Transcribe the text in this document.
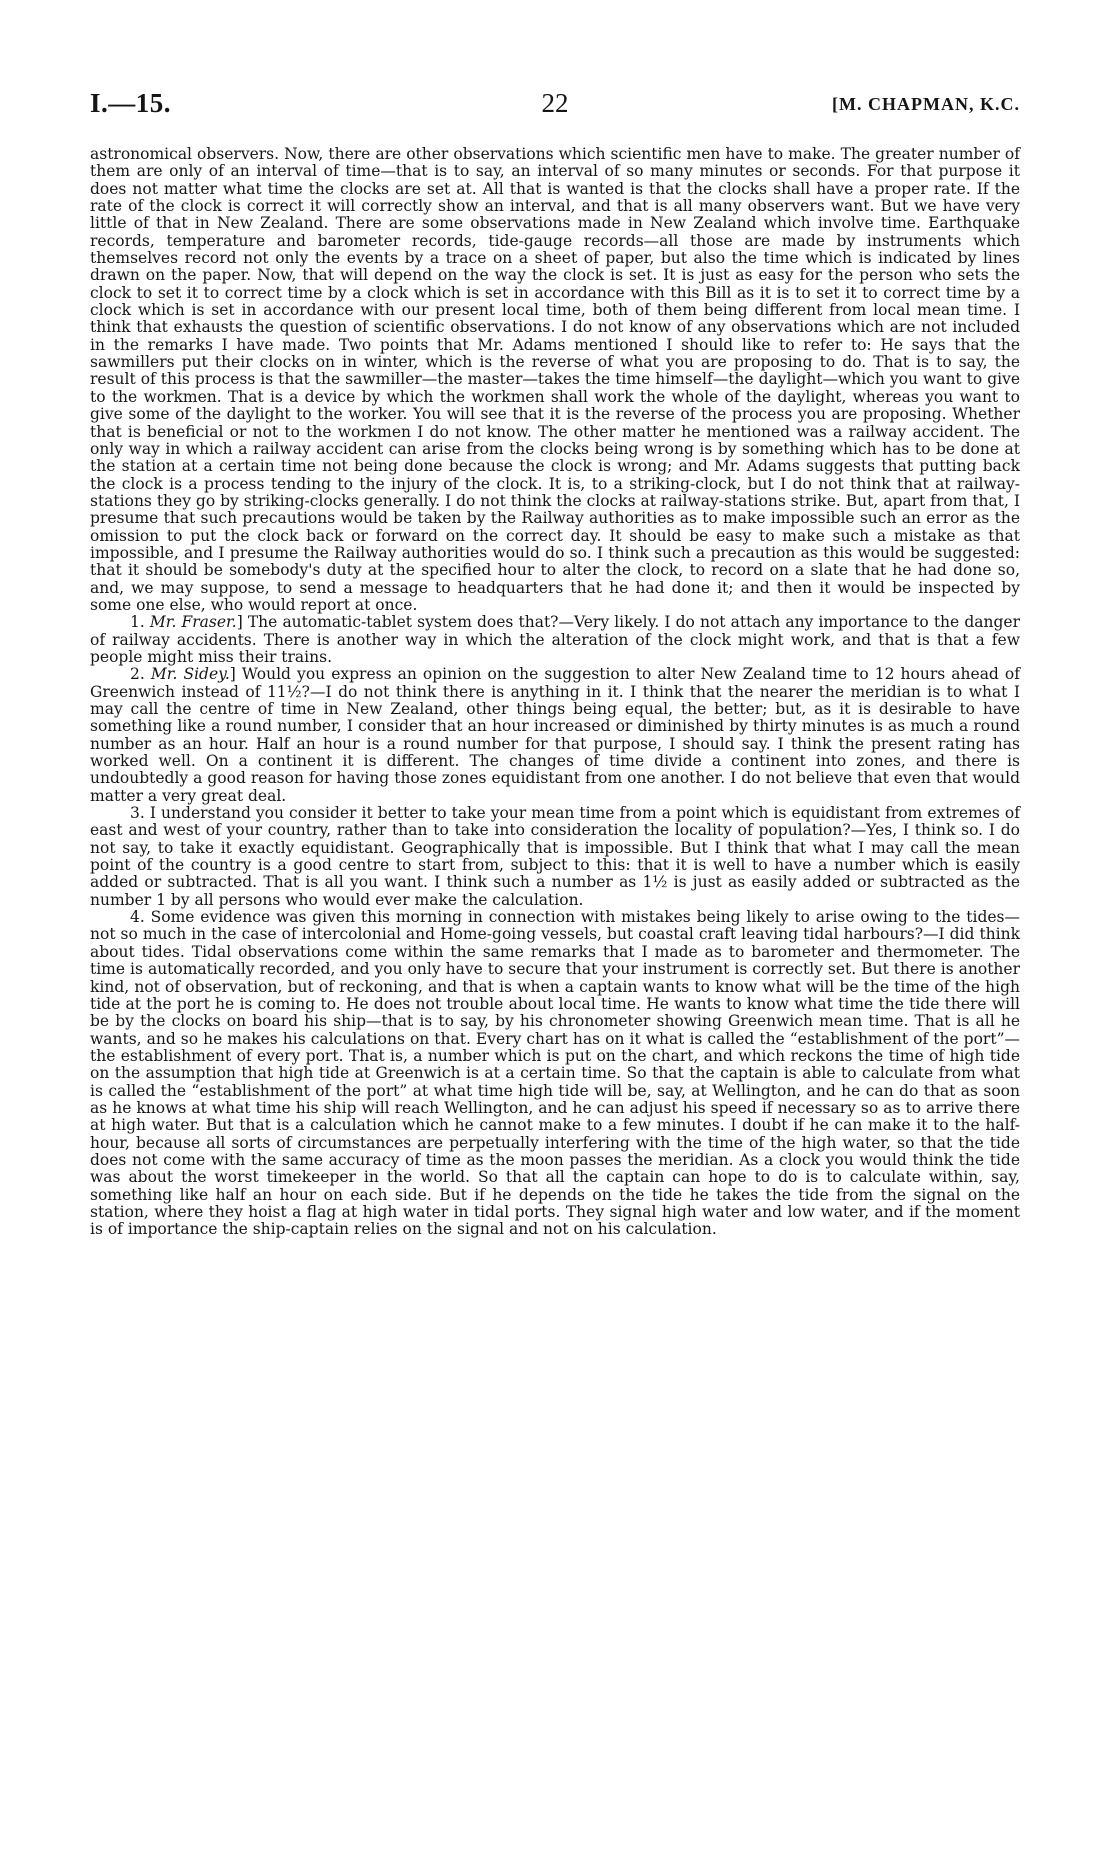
I.—15.	22	[M. CHAPMAN, K.C.

astronomical observers. Now, there are other observations which scientific men have to make. The greater number of them are only of an interval of time—that is to say, an interval of so many minutes or seconds. For that purpose it does not matter what time the clocks are set at. All that is wanted is that the clocks shall have a proper rate. If the rate of the clock is correct it will correctly show an interval, and that is all many observers want. But we have very little of that in New Zealand. There are some observations made in New Zealand which involve time. Earthquake records, temperature and barometer records, tide-gauge records—all those are made by instruments which themselves record not only the events by a trace on a sheet of paper, but also the time which is indicated by lines drawn on the paper. Now, that will depend on the way the clock is set. It is just as easy for the person who sets the clock to set it to correct time by a clock which is set in accordance with this Bill as it is to set it to correct time by a clock which is set in accordance with our present local time, both of them being different from local mean time. I think that exhausts the question of scientific observations. I do not know of any observations which are not included in the remarks I have made. Two points that Mr. Adams mentioned I should like to refer to: He says that the sawmillers put their clocks on in winter, which is the reverse of what you are proposing to do. That is to say, the result of this process is that the sawmiller—the master—takes the time himself—the daylight—which you want to give to the workmen. That is a device by which the workmen shall work the whole of the daylight, whereas you want to give some of the daylight to the worker. You will see that it is the reverse of the process you are proposing. Whether that is beneficial or not to the workmen I do not know. The other matter he mentioned was a railway accident. The only way in which a railway accident can arise from the clocks being wrong is by something which has to be done at the station at a certain time not being done because the clock is wrong; and Mr. Adams suggests that putting back the clock is a process tending to the injury of the clock. It is, to a striking-clock, but I do not think that at railway-stations they go by striking-clocks generally. I do not think the clocks at railway-stations strike. But, apart from that, I presume that such precautions would be taken by the Railway authorities as to make impossible such an error as the omission to put the clock back or forward on the correct day. It should be easy to make such a mistake as that impossible, and I presume the Railway authorities would do so. I think such a precaution as this would be suggested: that it should be somebody's duty at the specified hour to alter the clock, to record on a slate that he had done so, and, we may suppose, to send a message to headquarters that he had done it; and then it would be inspected by some one else, who would report at once.

1. Mr. Fraser.] The automatic-tablet system does that?—Very likely. I do not attach any importance to the danger of railway accidents. There is another way in which the alteration of the clock might work, and that is that a few people might miss their trains.

2. Mr. Sidey.] Would you express an opinion on the suggestion to alter New Zealand time to 12 hours ahead of Greenwich instead of 11½?—I do not think there is anything in it. I think that the nearer the meridian is to what I may call the centre of time in New Zealand, other things being equal, the better; but, as it is desirable to have something like a round number, I consider that an hour increased or diminished by thirty minutes is as much a round number as an hour. Half an hour is a round number for that purpose, I should say. I think the present rating has worked well. On a continent it is different. The changes of time divide a continent into zones, and there is undoubtedly a good reason for having those zones equidistant from one another. I do not believe that even that would matter a very great deal.

3. I understand you consider it better to take your mean time from a point which is equidistant from extremes of east and west of your country, rather than to take into consideration the locality of population?—Yes, I think so. I do not say, to take it exactly equidistant. Geographically that is impossible. But I think that what I may call the mean point of the country is a good centre to start from, subject to this: that it is well to have a number which is easily added or subtracted. That is all you want. I think such a number as 1½ is just as easily added or subtracted as the number 1 by all persons who would ever make the calculation.

4. Some evidence was given this morning in connection with mistakes being likely to arise owing to the tides—not so much in the case of intercolonial and Home-going vessels, but coastal craft leaving tidal harbours?—I did think about tides. Tidal observations come within the same remarks that I made as to barometer and thermometer. The time is automatically recorded, and you only have to secure that your instrument is correctly set. But there is another kind, not of observation, but of reckoning, and that is when a captain wants to know what will be the time of the high tide at the port he is coming to. He does not trouble about local time. He wants to know what time the tide there will be by the clocks on board his ship—that is to say, by his chronometer showing Greenwich mean time. That is all he wants, and so he makes his calculations on that. Every chart has on it what is called the “establishment of the port”—the establishment of every port. That is, a number which is put on the chart, and which reckons the time of high tide on the assumption that high tide at Greenwich is at a certain time. So that the captain is able to calculate from what is called the “establishment of the port” at what time high tide will be, say, at Wellington, and he can do that as soon as he knows at what time his ship will reach Wellington, and he can adjust his speed if necessary so as to arrive there at high water. But that is a calculation which he cannot make to a few minutes. I doubt if he can make it to the half-hour, because all sorts of circumstances are perpetually interfering with the time of the high water, so that the tide does not come with the same accuracy of time as the moon passes the meridian. As a clock you would think the tide was about the worst timekeeper in the world. So that all the captain can hope to do is to calculate within, say, something like half an hour on each side. But if he depends on the tide he takes the tide from the signal on the station, where they hoist a flag at high water in tidal ports. They signal high water and low water, and if the moment is of importance the ship-captain relies on the signal and not on his calculation.
